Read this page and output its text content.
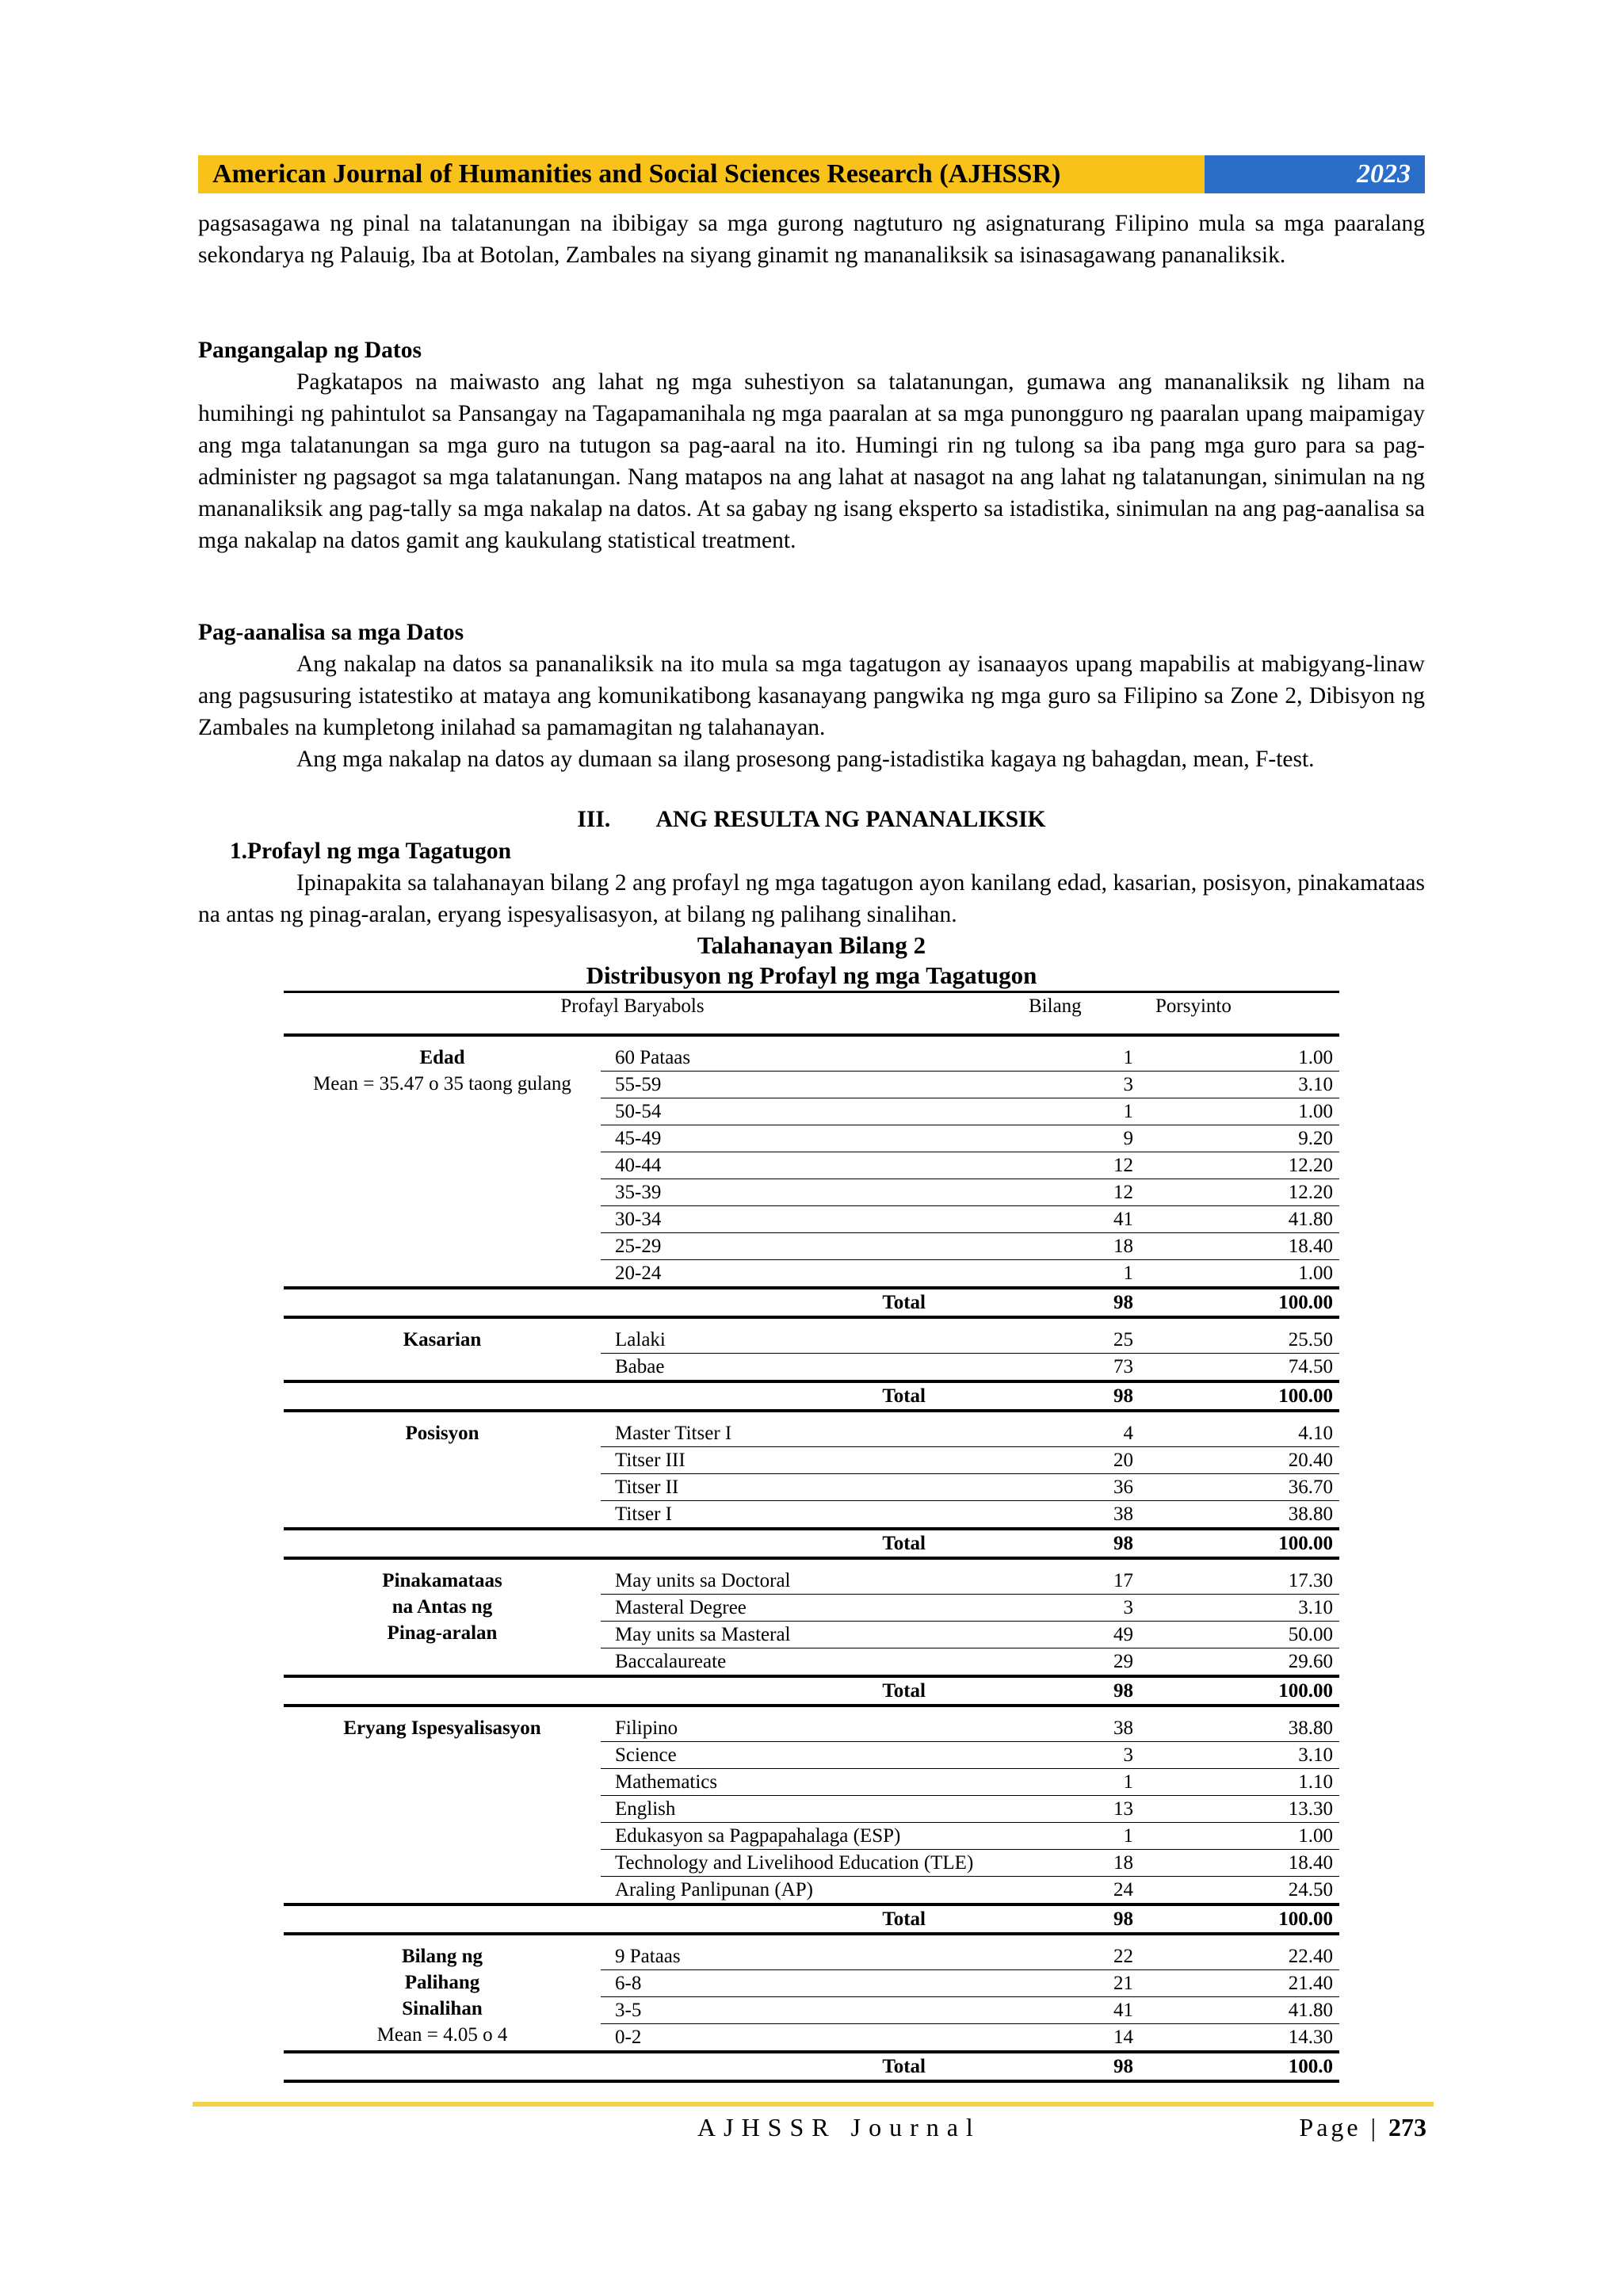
American Journal of Humanities and Social Sciences Research (AJHSSR)	2023

pagsasagawa ng pinal na talatanungan na ibibigay sa mga gurong nagtuturo ng asignaturang Filipino mula sa mga paaralang sekondarya ng Palauig, Iba at Botolan, Zambales na siyang ginamit ng mananaliksik sa isinasagawang pananaliksik.

Pangangalap ng Datos

Pagkatapos na maiwasto ang lahat ng mga suhestiyon sa talatanungan, gumawa ang mananaliksik ng liham na humihingi ng pahintulot sa Pansangay na Tagapamanihala ng mga paaralan at sa mga punongguro ng paaralan upang maipamigay ang mga talatanungan sa mga guro na tutugon sa pag-aaral na ito. Humingi rin ng tulong sa iba pang mga guro para sa pag-administer ng pagsagot sa mga talatanungan. Nang matapos na ang lahat at nasagot na ang lahat ng talatanungan, sinimulan na ng mananaliksik ang pag-tally sa mga nakalap na datos. At sa gabay ng isang eksperto sa istadistika, sinimulan na ang pag-aanalisa sa mga nakalap na datos gamit ang kaukulang statistical treatment.

Pag-aanalisa sa mga Datos

Ang nakalap na datos sa pananaliksik na ito mula sa mga tagatugon ay isanaayos upang mapabilis at mabigyang-linaw ang pagsusuring istatestiko at mataya ang komunikatibong kasanayang pangwika ng mga guro sa Filipino sa Zone 2, Dibisyon ng Zambales na kumpletong inilahad sa pamamagitan ng talahanayan.

Ang mga nakalap na datos ay dumaan sa ilang prosesong pang-istadistika kagaya ng bahagdan, mean, F-test.

III.        ANG RESULTA NG PANANALIKSIK

1.Profayl ng mga Tagatugon

Ipinapakita sa talahanayan bilang 2 ang profayl ng mga tagatugon ayon kanilang edad, kasarian, posisyon, pinakamataas na antas ng pinag-aralan, eryang ispesyalisasyon, at bilang ng palihang sinalihan.

Talahanayan Bilang 2
Distribusyon ng Profayl ng mga Tagatugon
Profayl Baryabols		Bilang	Porsyinto

Edad
Mean = 35.47 o 35 taong gulang	60 Pataas	1	1.00
	55-59	3	3.10
	50-54	1	1.00
	45-49	9	9.20
	40-44	12	12.20
	35-39	12	12.20
	30-34	41	41.80
	25-29	18	18.40
	20-24	1	1.00
	Total	98	100.00

Kasarian	Lalaki	25	25.50
	Babae	73	74.50
	Total	98	100.00

Posisyon	Master Titser I	4	4.10
	Titser III	20	20.40
	Titser II	36	36.70
	Titser I	38	38.80
	Total	98	100.00

Pinakamataas
na Antas ng
Pinag-aralan	May units sa Doctoral	17	17.30
	Masteral Degree	3	3.10
	May units sa Masteral	49	50.00
	Baccalaureate	29	29.60
	Total	98	100.00

Eryang Ispesyalisasyon	Filipino	38	38.80
	Science	3	3.10
	Mathematics	1	1.10
	English	13	13.30
	Edukasyon sa Pagpapahalaga (ESP)	1	1.00
	Technology and Livelihood Education (TLE)	18	18.40
	Araling Panlipunan (AP)	24	24.50
	Total	98	100.00

Bilang ng
Palihang
Sinalihan
Mean = 4.05 o 4	9 Pataas	22	22.40
	6-8	21	21.40
	3-5	41	41.80
	0-2	14	14.30
	Total	98	100.0
AJHSSR Journal	Page | 273
